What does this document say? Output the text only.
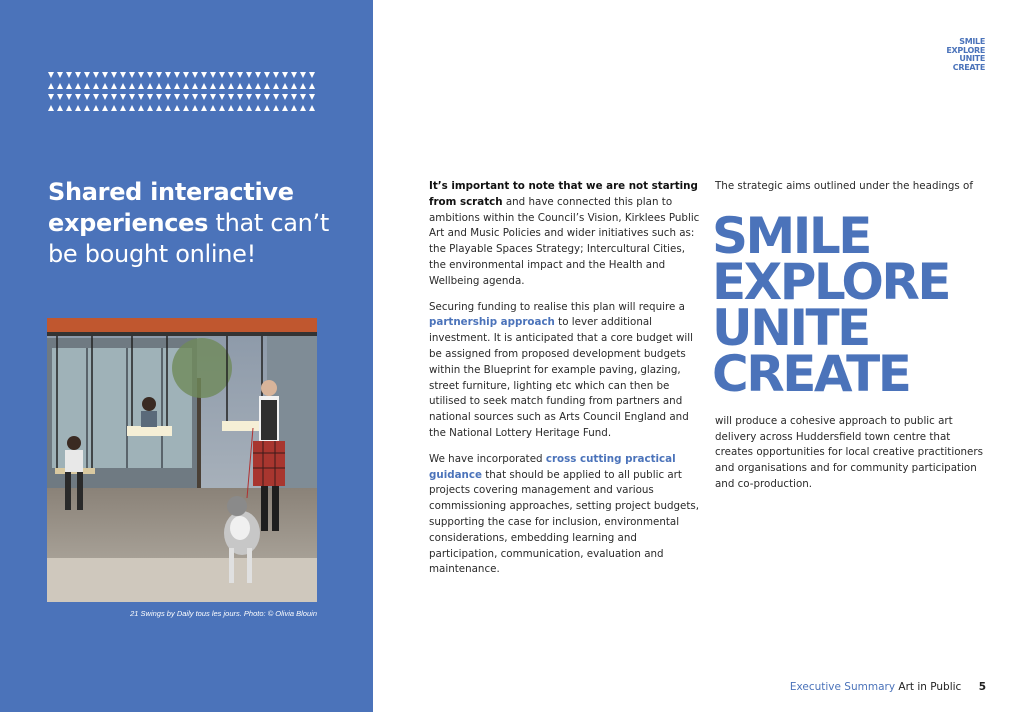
Shared interactive
experiences that can’t
be bought online!
21 Swings by Daily tous les jours. Photo: © Olivia Blouin
SMILE
EXPLORE
UNITE
CREATE

It’s important to note that we are not starting from scratch and have connected this plan to ambitions within the Council’s Vision, Kirklees Public Art and Music Policies and wider initiatives such as: the Playable Spaces Strategy; Intercultural Cities, the environmental impact and the Health and Wellbeing agenda.

Securing funding to realise this plan will require a partnership approach to lever additional investment. It is anticipated that a core budget will be assigned from proposed development budgets within the Blueprint for example paving, glazing, street furniture, lighting etc which can then be utilised to seek match funding from partners and national sources such as Arts Council England and the National Lottery Heritage Fund.

We have incorporated cross cutting practical guidance that should be applied to all public art projects covering management and various commissioning approaches, setting project budgets, supporting the case for inclusion, environmental considerations, embedding learning and participation, communication, evaluation and maintenance.

The strategic aims outlined under the headings of

SMILE
EXPLORE
UNITE
CREATE

will produce a cohesive approach to public art delivery across Huddersfield town centre that creates opportunities for local creative practitioners and organisations and for community participation and co-production.

Executive Summary Art in Public 5
